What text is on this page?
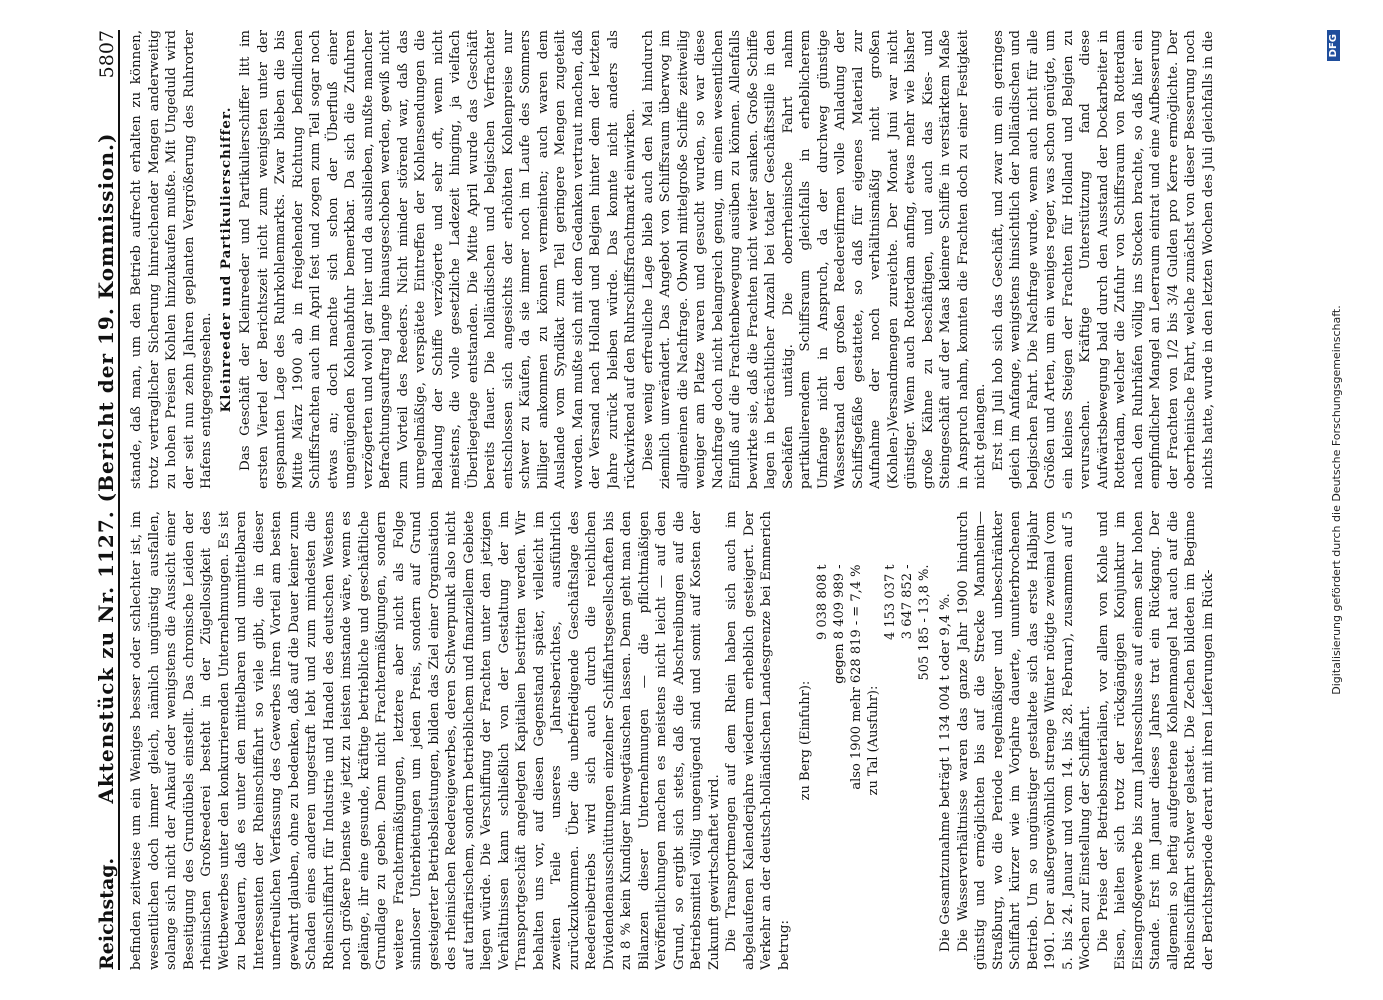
Reichstag.
Aktenstück zu Nr. 1127. (Bericht der 19. Kommission.)
5807

befinden zeitweise um ein Weniges besser oder schlechter ist, im wesentlichen doch immer gleich, nämlich ungünstig ausfallen, solange sich nicht der Ankauf oder wenigstens die Aussicht einer Beseitigung des Grundübels einstellt. Das chronische Leiden der rheinischen Großreederei besteht in der Zügellosigkeit des Wettbewerbes unter den konkurrierenden Unternehmungen. Es ist zu bedauern, daß es unter den mittelbaren und unmittelbaren Interessenten der Rheinschiffahrt so viele gibt, die in dieser unerfreulichen Verfassung des Gewerbes ihren Vorteil am besten gewahrt glauben, ohne zu bedenken, daß auf die Dauer keiner zum Schaden eines anderen ungestraft lebt und zum mindesten die Rheinschiffahrt für Industrie und Handel des deutschen Westens noch größere Dienste wie jetzt zu leisten imstande wäre, wenn es gelänge, ihr eine gesunde, kräftige betriebliche und geschäftliche Grundlage zu geben. Denn nicht Frachtermäßigungen, sondern weitere Frachtermäßigungen, letztere aber nicht als Folge sinnloser Unterbietungen um jeden Preis, sondern auf Grund gesteigerter Betriebsleistungen, bilden das Ziel einer Organisation des rheinischen Reedereigewerbes, deren Schwerpunkt also nicht auf tariftarischem, sondern betrieblichem und finanziellem Gebiete liegen würde. Die Verschiffung der Frachten unter den jetzigen Verhältnissen kann schließlich von der Gestaltung der im Transportgeschäft angelegten Kapitalien bestritten werden. Wir behalten uns vor, auf diesen Gegenstand später, vielleicht im zweiten Teile unseres Jahresberichtes, ausführlich zurückzukommen. Über die unbefriedigende Geschäftslage des Reedereibetriebs wird sich auch durch die reichlichen Dividendenausschüttungen einzelner Schiffahrtsgesellschaften bis zu 8 % kein Kundiger hinwegtäuschen lassen. Denn geht man den Bilanzen dieser Unternehmungen — die pflichtmäßigen Veröffentlichungen machen es meistens nicht leicht — auf den Grund, so ergibt sich stets, daß die Abschreibungen auf die Betriebsmittel völlig ungenügend sind und somit auf Kosten der Zukunft gewirtschaftet wird. Die Transportmengen auf dem Rhein haben sich auch im abgelaufenen Kalenderjahre wiederum erheblich gesteigert. Der Verkehr an der deutsch-holländischen Landesgrenze bei Emmerich betrug:

zu Berg (Einfuhr):
9 038 808 t
gegen 8 409 989 -
also 1900 mehr 628 819 - = 7,4 %
zu Tal (Ausfuhr):
4 153 037 t
3 647 852 -
505 185 - 13,8 %. Die Gesamtzunahme beträgt 1 134 004 t oder 9,4 %. Die Wasserverhältnisse waren das ganze Jahr 1900 hindurch günstig und ermöglichten bis auf die Strecke Mannheim—Straßburg, wo die Periode regelmäßiger und unbeschränkter Schiffahrt kürzer wie im Vorjahre dauerte, ununterbrochenen Betrieb. Um so ungünstiger gestaltete sich das erste Halbjahr 1901. Der außergewöhnlich strenge Winter nötigte zweimal (vom 5. bis 24. Januar und vom 14. bis 28. Februar), zusammen auf 5 Wochen zur Einstellung der Schiffahrt. Die Preise der Betriebsmaterialien, vor allem von Kohle und Eisen, hielten sich trotz der rückgängigen Konjunktur im Eisengroßgewerbe bis zum Jahresschlusse auf einem sehr hohen Stande. Erst im Januar dieses Jahres trat ein Rückgang. Der allgemein so heftig aufgetretene Kohlenmangel hat auch auf die Rheinschiffahrt schwer gelastet. Die Zechen bildeten im Beginne der Berichtsperiode derart mit ihren Lieferungen im Rück-

stande, daß man, um den Betrieb aufrecht erhalten zu können, trotz vertraglicher Sicherung hinreichender Mengen anderweitig zu hohen Preisen Kohlen hinzukaufen mußte. Mit Ungeduld wird der seit nun zehn Jahren geplanten Vergrößerung des Ruhrorter Hafens entgegengesehen. Kleinreeder und Partikulierschiffer. Das Geschäft der Kleinreeder und Partikulierschiffer litt im ersten Viertel der Berichtszeit nicht zum wenigsten unter der gespannten Lage des Ruhrkohlenmarkts. Zwar blieben die bis Mitte März 1900 ab in freigehender Richtung befindlichen Schiffsfrachten auch im April fest und zogen zum Teil sogar noch etwas an; doch machte sich schon der Überfluß einer ungenügenden Kohlenabfuhr bemerkbar. Da sich die Zufuhren verzögerten und wohl gar hier und da ausblieben, mußte mancher Befrachtungsauftrag lange hinausgeschoben werden, gewiß nicht zum Vorteil des Reeders. Nicht minder störend war, daß das unregelmäßige, verspätete Eintreffen der Kohlensendungen die Beladung der Schiffe verzögerte und sehr oft, wenn nicht meistens, die volle gesetzliche Ladezeit hinging, ja vielfach Überliegetage entstanden. Die Mitte April wurde das Geschäft bereits flauer. Die holländischen und belgischen Verfrachter entschlossen sich angesichts der erhöhten Kohlenpreise nur schwer zu Käufen, da sie immer noch im Laufe des Sommers billiger ankommen zu können vermeinten; auch waren dem Auslande vom Syndikat zum Teil geringere Mengen zugeteilt worden. Man mußte sich mit dem Gedanken vertraut machen, daß der Versand nach Holland und Belgien hinter dem der letzten Jahre zurück bleiben würde. Das konnte nicht anders als rückwirkend auf den Ruhrschiffsfrachtmarkt einwirken. Diese wenig erfreuliche Lage blieb auch den Mai hindurch ziemlich unverändert. Das Angebot von Schiffsraum überwog im allgemeinen die Nachfrage. Obwohl mittelgroße Schiffe zeitweilig weniger am Platze waren und gesucht wurden, so war diese Nachfrage doch nicht belangreich genug, um einen wesentlichen Einfluß auf die Frachtenbewegung ausüben zu können. Allenfalls bewirkte sie, daß die Frachten nicht weiter sanken. Große Schiffe lagen in beträchtlicher Anzahl bei totaler Geschäftsstille in den Seehäfen untätig. Die oberrheinische Fahrt nahm partikulierendem Schiffsraum gleichfalls in erheblicherem Umfange nicht in Anspruch, da der durchweg günstige Wasserstand den großen Reedereifirmen volle Anladung der Schiffsgefäße gestattete, so daß für eigenes Material zur Aufnahme der noch verhältnismäßig nicht großen (Kohlen-)Versandmengen zureichte. Der Monat Juni war nicht günstiger. Wenn auch Rotterdam anfing, etwas mehr wie bisher große Kähne zu beschäftigen, und auch das Kies- und Steingeschäft auf der Maas kleinere Schiffe in verstärktem Maße in Anspruch nahm, konnten die Frachten doch zu einer Festigkeit nicht gelangen. Erst im Juli hob sich das Geschäft, und zwar um ein geringes gleich im Anfange, wenigstens hinsichtlich der holländischen und belgischen Fahrt. Die Nachfrage wurde, wenn auch nicht für alle Größen und Arten, um ein weniges reger, was schon genügte, um ein kleines Steigen der Frachten für Holland und Belgien zu verursachen. Kräftige Unterstützung fand diese Aufwärtsbewegung bald durch den Ausstand der Dockarbeiter in Rotterdam, welcher die Zufuhr von Schiffsraum von Rotterdam nach den Ruhrhäfen völlig ins Stocken brachte, so daß hier ein empfindlicher Mangel an Leerraum eintrat und eine Aufbesserung der Frachten von 1/2 bis 3/4 Gulden pro Kerre ermöglichte. Der oberrheinische Fahrt, welche zunächst von dieser Besserung noch nichts hatte, wurde in den letzten Wochen des Juli gleichfalls in die

Digitalisierung gefördert durch die Deutsche Forschungsgemeinschaft.
DFG
